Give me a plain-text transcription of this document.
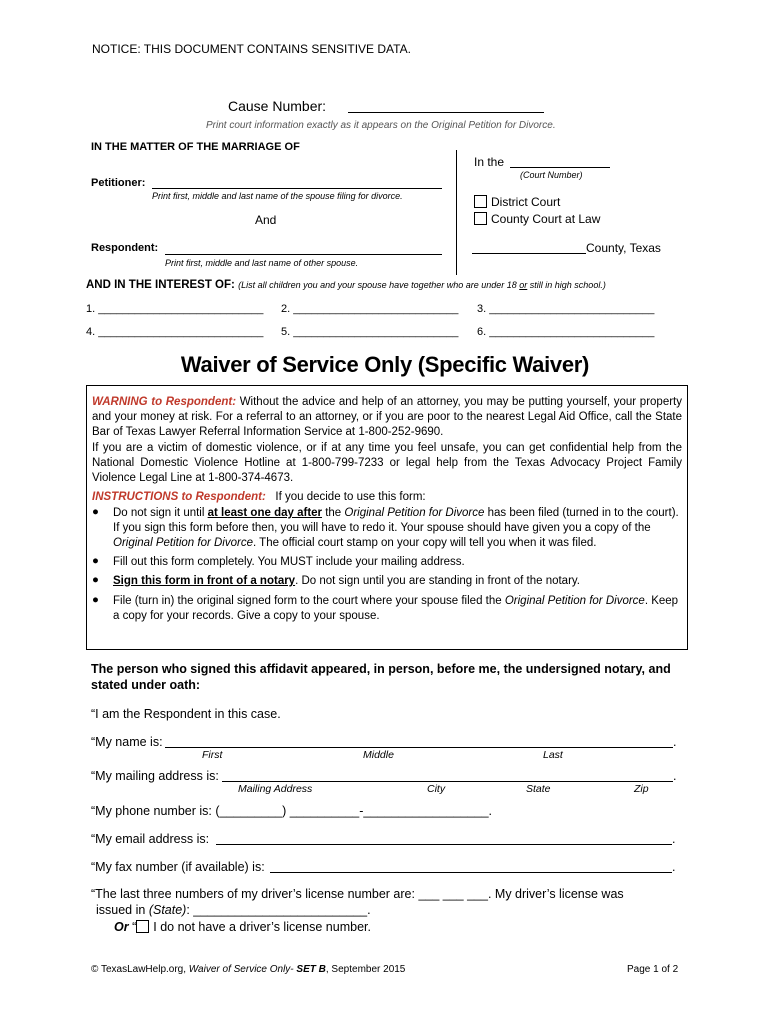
NOTICE: THIS DOCUMENT CONTAINS SENSITIVE DATA.
Cause Number:
Print court information exactly as it appears on the Original Petition for Divorce.
IN THE MATTER OF THE MARRIAGE OF
Petitioner:
Print first, middle and last name of the spouse filing for divorce.
And
Respondent:
Print first, middle and last name of other spouse.
In the
(Court Number)
District Court
County Court at Law
County, Texas
AND IN THE INTEREST OF: (List all children you and your spouse have together who are under 18 or still in high school.)
1. ___________________________ 2. ___________________________ 3. ___________________________
4. ___________________________ 5. ___________________________ 6. ___________________________
Waiver of Service Only (Specific Waiver)
WARNING to Respondent: Without the advice and help of an attorney, you may be putting yourself, your property and your money at risk. For a referral to an attorney, or if you are poor to the nearest Legal Aid Office, call the State Bar of Texas Lawyer Referral Information Service at 1-800-252-9690.
If you are a victim of domestic violence, or if at any time you feel unsafe, you can get confidential help from the National Domestic Violence Hotline at 1-800-799-7233 or legal help from the Texas Advocacy Project Family Violence Legal Line at 1-800-374-4673.
INSTRUCTIONS to Respondent: If you decide to use this form:
● Do not sign it until at least one day after the Original Petition for Divorce has been filed (turned in to the court). If you sign this form before then, you will have to redo it. Your spouse should have given you a copy of the Original Petition for Divorce. The official court stamp on your copy will tell you when it was filed.
● Fill out this form completely. You MUST include your mailing address.
● Sign this form in front of a notary. Do not sign until you are standing in front of the notary.
● File (turn in) the original signed form to the court where your spouse filed the Original Petition for Divorce. Keep a copy for your records. Give a copy to your spouse.
The person who signed this affidavit appeared, in person, before me, the undersigned notary, and stated under oath:
“I am the Respondent in this case.
“My name is:	.
First	Middle	Last
“My mailing address is:	.
Mailing Address	City	State	Zip
“My phone number is: (_________) __________-__________________.
“My email address is:	.
“My fax number (if available) is:	.
“The last three numbers of my driver’s license number are: ___ ___ ___. My driver’s license was
issued in (State): _________________________.
Or “ I do not have a driver’s license number.
© TexasLawHelp.org, Waiver of Service Only- SET B, September 2015	Page 1 of 2
